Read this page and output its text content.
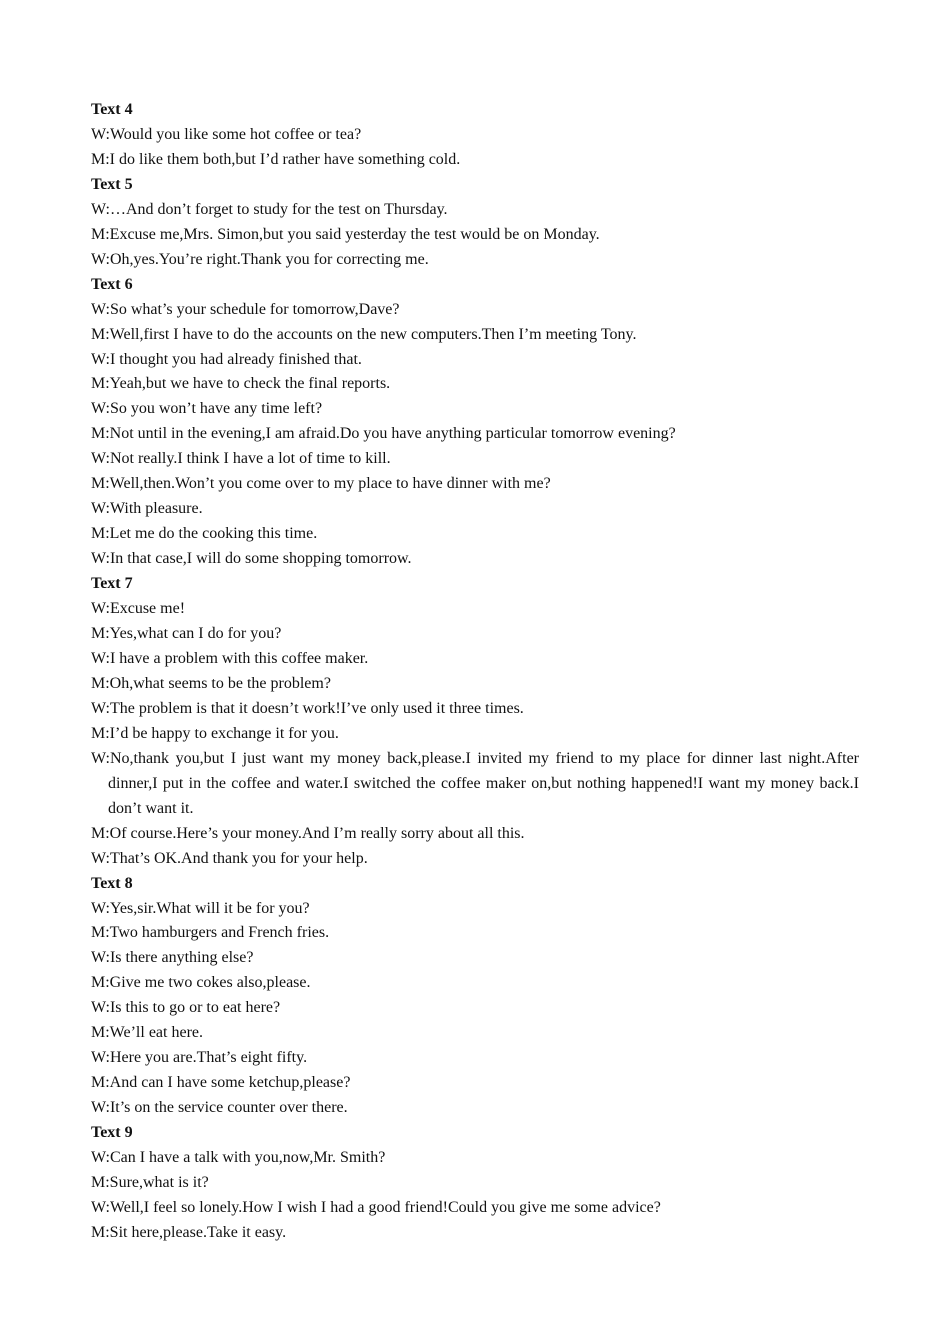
Text 4

W:Would you like some hot coffee or tea?

M:I do like them both,but I’d rather have something cold.

Text 5

W:…And don’t forget to study for the test on Thursday.

M:Excuse me,Mrs. Simon,but you said yesterday the test would be on Monday.

W:Oh,yes.You’re right.Thank you for correcting me.

Text 6

W:So what’s your schedule for tomorrow,Dave?

M:Well,first I have to do the accounts on the new computers.Then I’m meeting Tony.

W:I thought you had already finished that.

M:Yeah,but we have to check the final reports.

W:So you won’t have any time left?

M:Not until in the evening,I am afraid.Do you have anything particular tomorrow evening?

W:Not really.I think I have a lot of time to kill.

M:Well,then.Won’t you come over to my place to have dinner with me?

W:With pleasure.

M:Let me do the cooking this time.

W:In that case,I will do some shopping tomorrow.

Text 7

W:Excuse me!

M:Yes,what can I do for you?

W:I have a problem with this coffee maker.

M:Oh,what seems to be the problem?

W:The problem is that it doesn’t work!I’ve only used it three times.

M:I’d be happy to exchange it for you.

W:No,thank you,but I just want my money back,please.I invited my friend to my place for dinner last night.After dinner,I put in the coffee and water.I switched the coffee maker on,but nothing happened!I want my money back.I don’t want it.

M:Of course.Here’s your money.And I’m really sorry about all this.

W:That’s OK.And thank you for your help.

Text 8

W:Yes,sir.What will it be for you?

M:Two hamburgers and French fries.

W:Is there anything else?

M:Give me two cokes also,please.

W:Is this to go or to eat here?

M:We’ll eat here.

W:Here you are.That’s eight fifty.

M:And can I have some ketchup,please?

W:It’s on the service counter over there.

Text 9

W:Can I have a talk with you,now,Mr. Smith?

M:Sure,what is it?

W:Well,I feel so lonely.How I wish I had a good friend!Could you give me some advice?

M:Sit here,please.Take it easy.
